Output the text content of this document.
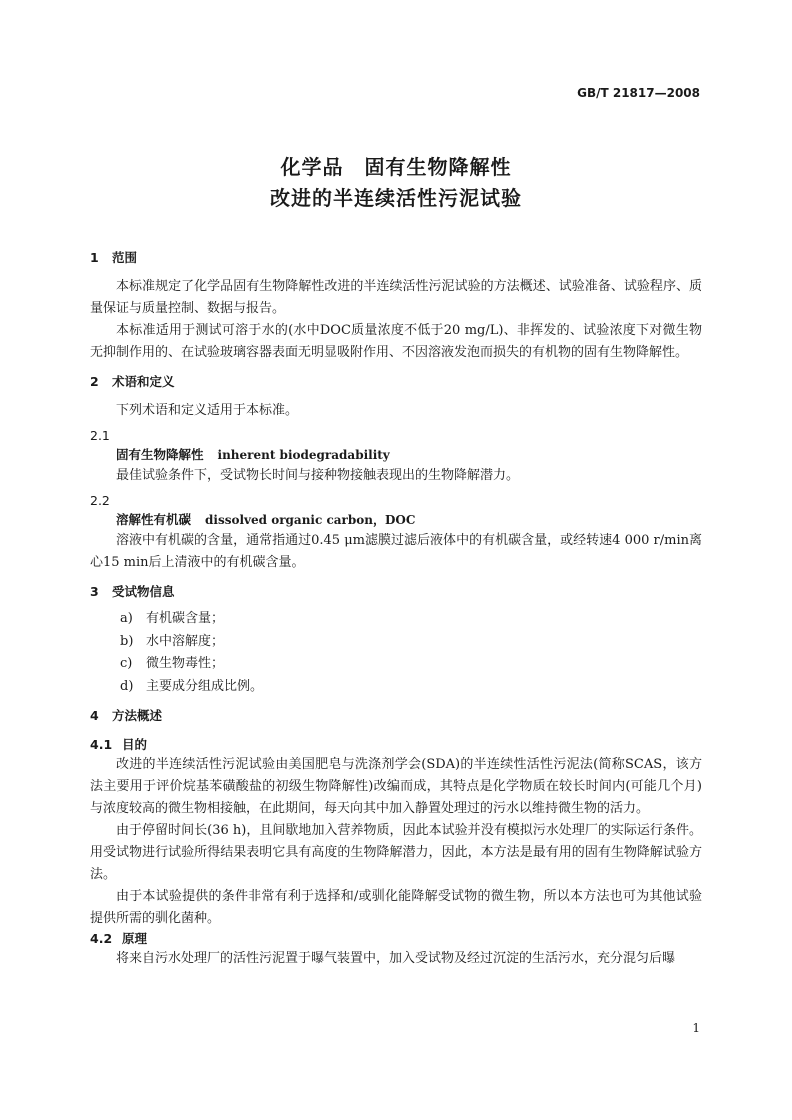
GB/T 21817—2008
化学品　固有生物降解性
改进的半连续活性污泥试验
1 范围

本标准规定了化学品固有生物降解性改进的半连续活性污泥试验的方法概述、试验准备、试验程序、质量保证与质量控制、数据与报告。

本标准适用于测试可溶于水的(水中DOC质量浓度不低于20 mg/L)、非挥发的、试验浓度下对微生物无抑制作用的、在试验玻璃容器表面无明显吸附作用、不因溶液发泡而损失的有机物的固有生物降解性。

2 术语和定义

下列术语和定义适用于本标准。

2.1
固有生物降解性 inherent biodegradability

最佳试验条件下，受试物长时间与接种物接触表现出的生物降解潜力。

2.2
溶解性有机碳 dissolved organic carbon，DOC

溶液中有机碳的含量，通常指通过0.45 μm滤膜过滤后液体中的有机碳含量，或经转速4 000 r/min离心15 min后上清液中的有机碳含量。

3 受试物信息
a) 有机碳含量；
b) 水中溶解度；
c) 微生物毒性；
d) 主要成分组成比例。
4 方法概述
4.1 目的

改进的半连续活性污泥试验由美国肥皂与洗涤剂学会(SDA)的半连续性活性污泥法(简称SCAS，该方法主要用于评价烷基苯磺酸盐的初级生物降解性)改编而成，其特点是化学物质在较长时间内(可能几个月)与浓度较高的微生物相接触，在此期间，每天向其中加入静置处理过的污水以维持微生物的活力。

由于停留时间长(36 h)，且间歇地加入营养物质，因此本试验并没有模拟污水处理厂的实际运行条件。用受试物进行试验所得结果表明它具有高度的生物降解潜力，因此，本方法是最有用的固有生物降解试验方法。

由于本试验提供的条件非常有利于选择和/或驯化能降解受试物的微生物，所以本方法也可为其他试验提供所需的驯化菌种。

4.2 原理

将来自污水处理厂的活性污泥置于曝气装置中，加入受试物及经过沉淀的生活污水，充分混匀后曝

1
